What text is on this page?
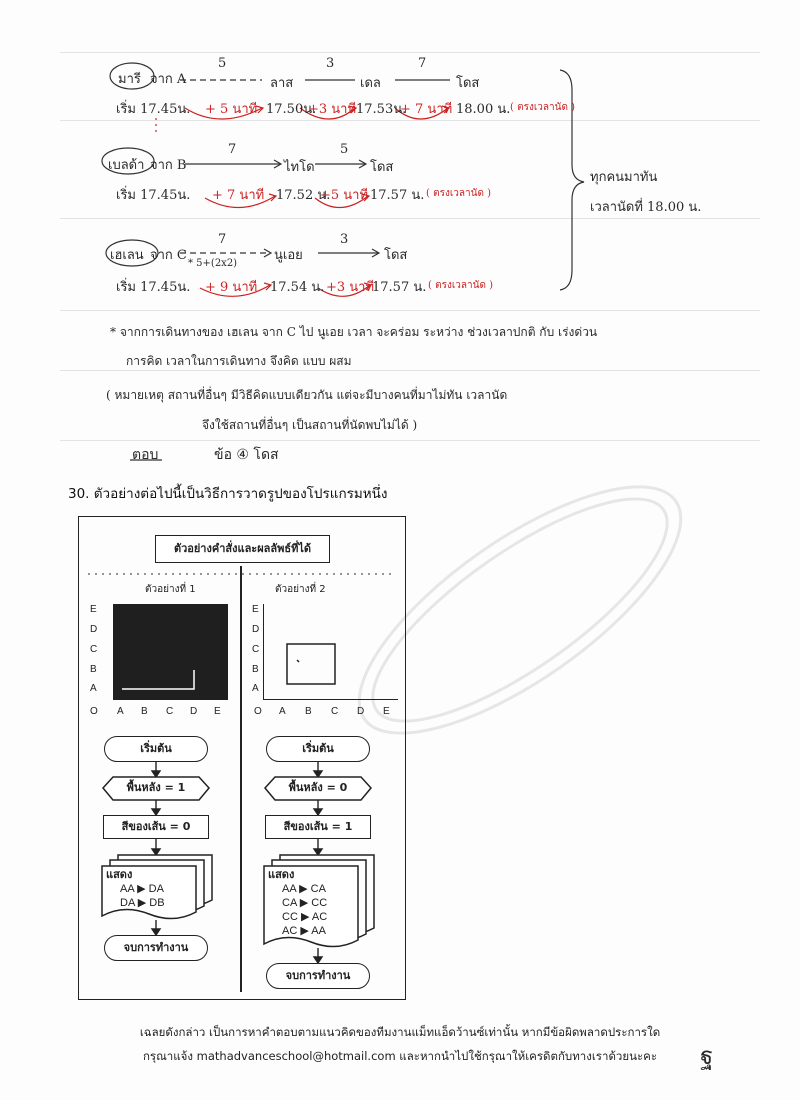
มารี จาก A
5
ลาส
3
เดล
7
โดส
เริ่ม 17.45น. + 5 นาที 17.50น.
+3 นาที 17.53น.
+ 7 นาที 18.00 น. ( ตรงเวลานัด )
เบลด้า จาก B
7
ไทโด
5
โดส
เริ่ม 17.45น. + 7 นาที 17.52 น.
+5 นาที 17.57 น. ( ตรงเวลานัด )
ทุกคนมาทัน
เวลานัดที่ 18.00 น.
เฮเลน จาก C
7
* 5+(2x2)
นูเอย
3
โดส
เริ่ม 17.45น. + 9 นาที 17.54 น. +3 นาที
17.57 น. ( ตรงเวลานัด )
* จากการเดินทางของ เฮเลน จาก C ไป นูเอย เวลา จะคร่อม ระหว่าง ช่วงเวลาปกติ กับ เร่งด่วน
การคิด เวลาในการเดินทาง จึงคิด แบบ ผสม
( หมายเหตุ สถานที่อื่นๆ มีวิธีคิดแบบเดียวกัน แต่จะมีบางคนที่มาไม่ทัน เวลานัด
จึงใช้สถานที่อื่นๆ เป็นสถานที่นัดพบไม่ได้ )
ตอบ	ข้อ ④ โดส
30. ตัวอย่างต่อไปนี้เป็นวิธีการวาดรูปของโปรแกรมหนึ่ง
ตัวอย่างคำสั่งและผลลัพธ์ที่ได้
ตัวอย่างที่ 1
E
D
C
B
A
O A B C D E
ตัวอย่างที่ 2
E
D
C
B
A
O A B C D E
เริ่มต้น
พื้นหลัง = 1
สีของเส้น = 0
แสดง
AA ▶ DA
DA ▶ DB
จบการทำงาน
เริ่มต้น
พื้นหลัง = 0
สีของเส้น = 1
แสดง
AA ▶ CA
CA ▶ CC
CC ▶ AC
AC ▶ AA
จบการทำงาน
เฉลยดังกล่าว เป็นการหาคำตอบตามแนวคิดของทีมงานแม็ทแอ็ดว้านซ์เท่านั้น หากมีข้อผิดพลาดประการใด
กรุณาแจ้ง mathadvanceschool@hotmail.com และหากนำไปใช้กรุณาให้เครดิตกับทางเราด้วยนะคะ	ฐ
